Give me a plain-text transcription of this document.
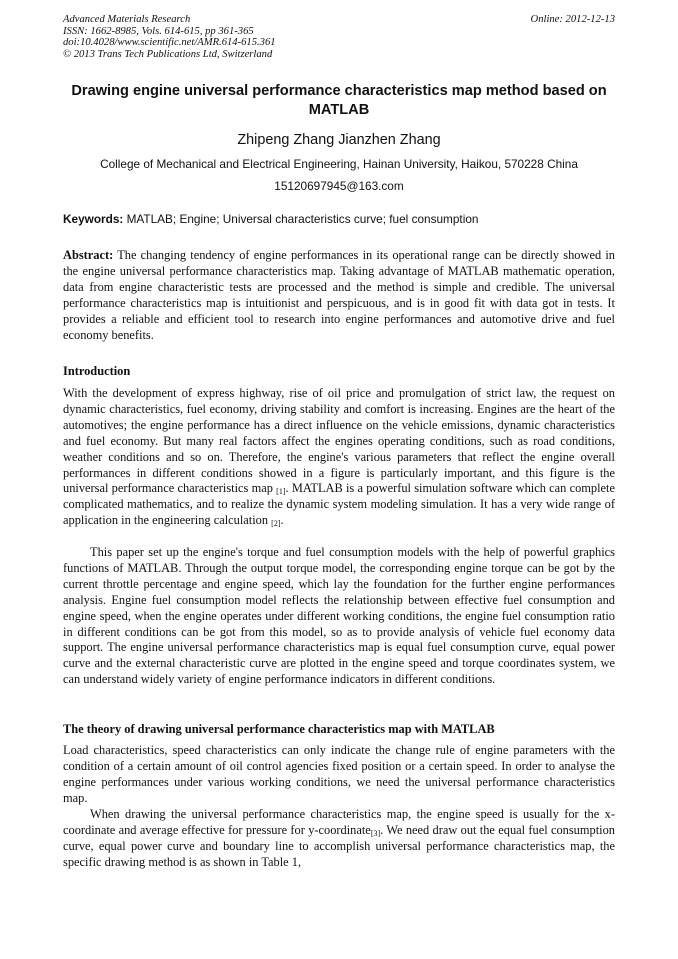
Advanced Materials Research
ISSN: 1662-8985, Vols. 614-615, pp 361-365
doi:10.4028/www.scientific.net/AMR.614-615.361
© 2013 Trans Tech Publications Ltd, Switzerland
Online: 2012-12-13
Drawing engine universal performance characteristics map method based on MATLAB
Zhipeng Zhang Jianzhen Zhang
College of Mechanical and Electrical Engineering, Hainan University, Haikou, 570228 China
15120697945@163.com
Keywords: MATLAB; Engine; Universal characteristics curve; fuel consumption

Abstract: The changing tendency of engine performances in its operational range can be directly showed in the engine universal performance characteristics map. Taking advantage of MATLAB mathematic operation, data from engine characteristic tests are processed and the method is simple and credible. The universal performance characteristics map is intuitionist and perspicuous, and is in good fit with data got in tests. It provides a reliable and efficient tool to research into engine performances and automotive drive and fuel economy benefits.

Introduction

With the development of express highway, rise of oil price and promulgation of strict law, the request on dynamic characteristics, fuel economy, driving stability and comfort is increasing. Engines are the heart of the automotives; the engine performance has a direct influence on the vehicle emissions, dynamic characteristics and fuel economy. But many real factors affect the engines operating conditions, such as road conditions, weather conditions and so on. Therefore, the engine's various parameters that reflect the engine overall performances in different conditions showed in a figure is particularly important, and this figure is the universal performance characteristics map $_{[1]}$. MATLAB is a powerful simulation software which can complete complicated mathematics, and to realize the dynamic system modeling simulation. It has a very wide range of application in the engineering calculation $_{[2]}$.

This paper set up the engine's torque and fuel consumption models with the help of powerful graphics functions of MATLAB. Through the output torque model, the corresponding engine torque can be got by the current throttle percentage and engine speed, which lay the foundation for the further engine performances analysis. Engine fuel consumption model reflects the relationship between effective fuel consumption and engine speed, when the engine operates under different working conditions, the engine fuel consumption ratio in different conditions can be got from this model, so as to provide analysis of vehicle fuel economy data support. The engine universal performance characteristics map is equal fuel consumption curve, equal power curve and the external characteristic curve are plotted in the engine speed and torque coordinates system, we can understand widely variety of engine performance indicators in different conditions.

The theory of drawing universal performance characteristics map with MATLAB

Load characteristics, speed characteristics can only indicate the change rule of engine parameters with the condition of a certain amount of oil control agencies fixed position or a certain speed. In order to analyse the engine performances under various working conditions, we need the universal performance characteristics map.

When drawing the universal performance characteristics map, the engine speed is usually for the x-coordinate and average effective for pressure for y-coordinate$_{[3]}$. We need draw out the equal fuel consumption curve, equal power curve and boundary line to accomplish universal performance characteristics map, the specific drawing method is as shown in Table 1,
